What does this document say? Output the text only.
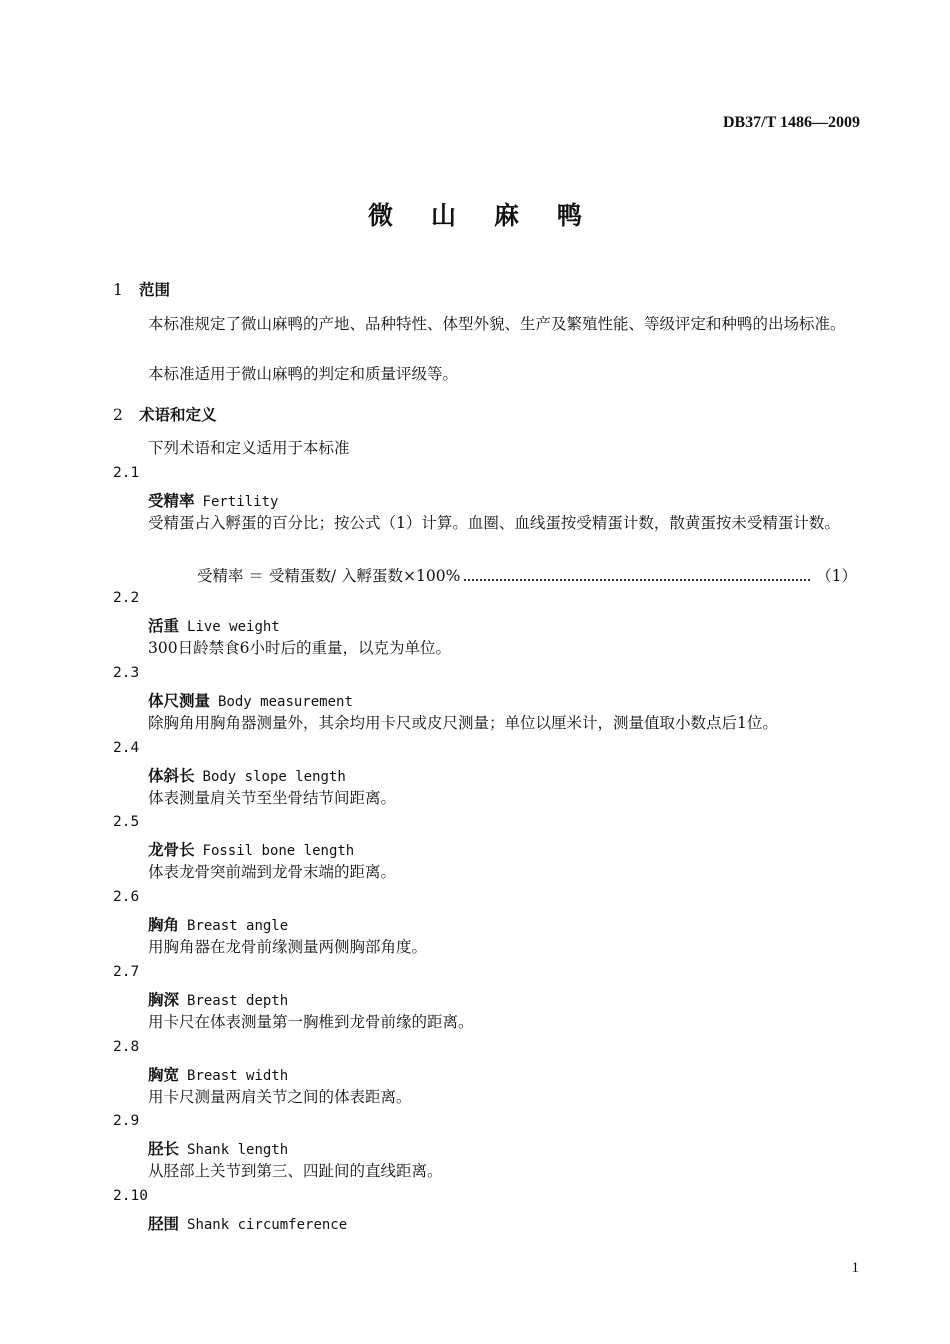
DB37/T 1486—2009
微山麻鸭
1 范围
本标准规定了微山麻鸭的产地、品种特性、体型外貌、生产及繁殖性能、等级评定和种鸭的出场标准。
本标准适用于微山麻鸭的判定和质量评级等。
2 术语和定义
下列术语和定义适用于本标准
2.1
受精率 Fertility
受精蛋占入孵蛋的百分比；按公式（1）计算。血圈、血线蛋按受精蛋计数，散黄蛋按未受精蛋计数。
受精率 ＝ 受精蛋数/ 入孵蛋数×100%	（1）
2.2
活重 Live weight
300日龄禁食6小时后的重量，以克为单位。
2.3
体尺测量 Body measurement
除胸角用胸角器测量外，其余均用卡尺或皮尺测量；单位以厘米计，测量值取小数点后1位。
2.4
体斜长 Body slope length
体表测量肩关节至坐骨结节间距离。
2.5
龙骨长 Fossil bone length
体表龙骨突前端到龙骨末端的距离。
2.6
胸角 Breast angle
用胸角器在龙骨前缘测量两侧胸部角度。
2.7
胸深 Breast depth
用卡尺在体表测量第一胸椎到龙骨前缘的距离。
2.8
胸宽 Breast width
用卡尺测量两肩关节之间的体表距离。
2.9
胫长 Shank length
从胫部上关节到第三、四趾间的直线距离。
2.10
胫围 Shank circumference
1
